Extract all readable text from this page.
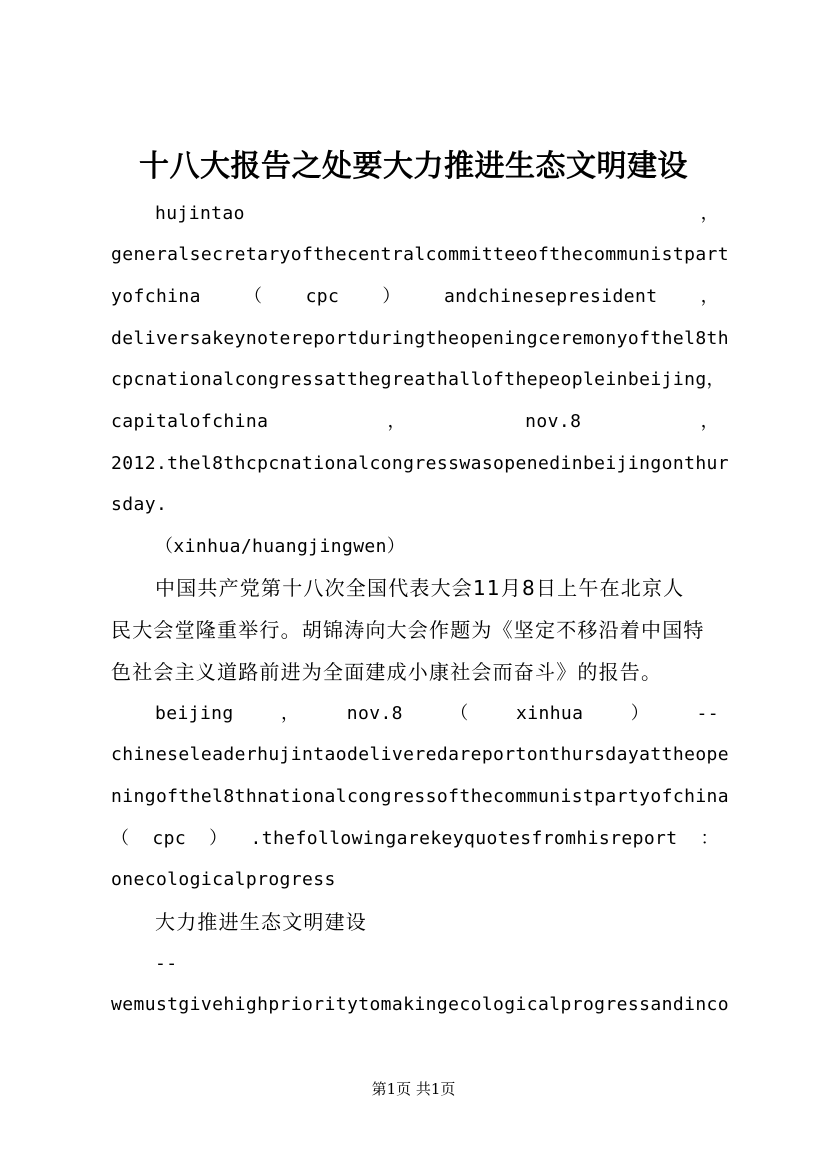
十八大报告之处要大力推进生态文明建设
hujintao	，
generalsecretaryofthecentralcommitteeofthecommunistpart
yofchina （ cpc ） andchinesepresident ，
deliversakeynotereportduringtheopeningceremonyofthel8th
cpcnationalcongressatthegreathallofthepeopleinbeijing，
capitalofchina	，	nov.8	，
2012.thel8thcpcnationalcongresswasopenedinbeijingonthur
sday.
（xinhua/huangjingwen）
中国共产党第十八次全国代表大会11月8日上午在北京人
民大会堂隆重举行。胡锦涛向大会作题为《坚定不移沿着中国特
色社会主义道路前进为全面建成小康社会而奋斗》的报告。
beijing	，	nov.8	（	xinhua	）	--
chineseleaderhujintaodeliveredareportonthursdayattheope
ningofthel8thnationalcongressofthecommunistpartyofchina
（ cpc ） .thefollowingarekeyquotesfromhisreport ：
onecologicalprogress
大力推进生态文明建设
--
wemustgivehighprioritytomakingecologicalprogressandinco
第1页 共1页
